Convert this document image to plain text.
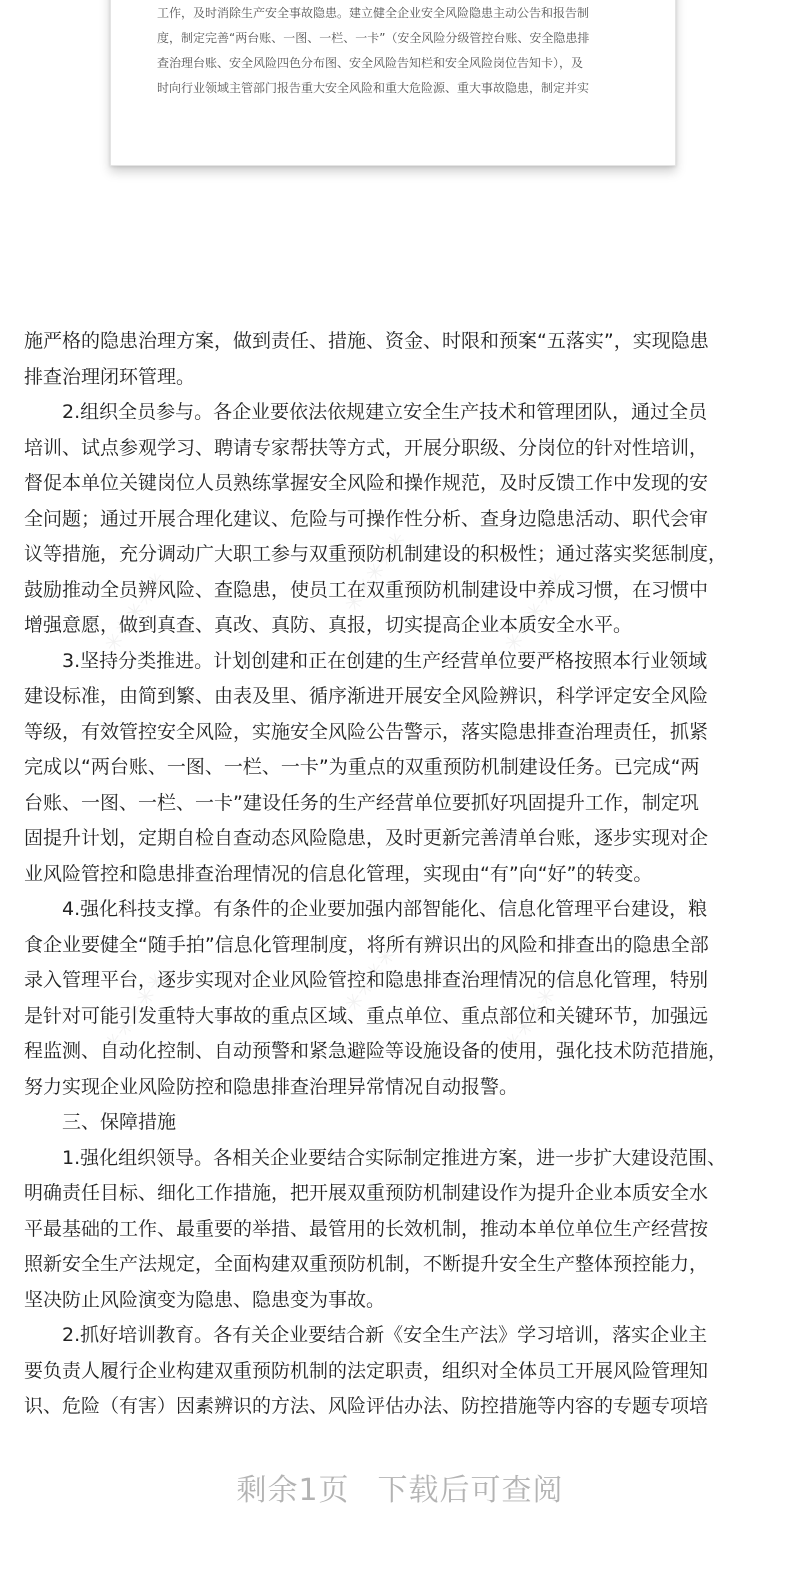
✳✳✳✳✳	✳✳✳✳✳	✳✳✳✳✳
✳✳✳✳✳	✳✳✳✳✳	✳✳✳✳✳
工作，及时消除生产安全事故隐患。建立健全企业安全风险隐患主动公告和报告制
度，制定完善“两台账、一图、一栏、一卡”（安全风险分级管控台账、安全隐患排
查治理台账、安全风险四色分布图、安全风险告知栏和安全风险岗位告知卡），及
时向行业领域主管部门报告重大安全风险和重大危险源、重大事故隐患，制定并实
施严格的隐患治理方案，做到责任、措施、资金、时限和预案“五落实”，实现隐患
排查治理闭环管理。
2.组织全员参与。各企业要依法依规建立安全生产技术和管理团队，通过全员
培训、试点参观学习、聘请专家帮扶等方式，开展分职级、分岗位的针对性培训，
督促本单位关键岗位人员熟练掌握安全风险和操作规范，及时反馈工作中发现的安
全问题；通过开展合理化建议、危险与可操作性分析、查身边隐患活动、职代会审
议等措施，充分调动广大职工参与双重预防机制建设的积极性；通过落实奖惩制度，
鼓励推动全员辨风险、查隐患，使员工在双重预防机制建设中养成习惯，在习惯中
增强意愿，做到真查、真改、真防、真报，切实提高企业本质安全水平。
3.坚持分类推进。计划创建和正在创建的生产经营单位要严格按照本行业领域
建设标准，由简到繁、由表及里、循序渐进开展安全风险辨识，科学评定安全风险
等级，有效管控安全风险，实施安全风险公告警示，落实隐患排查治理责任，抓紧
完成以“两台账、一图、一栏、一卡”为重点的双重预防机制建设任务。已完成“两
台账、一图、一栏、一卡”建设任务的生产经营单位要抓好巩固提升工作，制定巩
固提升计划，定期自检自查动态风险隐患，及时更新完善清单台账，逐步实现对企
业风险管控和隐患排查治理情况的信息化管理，实现由“有”向“好”的转变。
4.强化科技支撑。有条件的企业要加强内部智能化、信息化管理平台建设，粮
食企业要健全“随手拍”信息化管理制度，将所有辨识出的风险和排查出的隐患全部
录入管理平台，逐步实现对企业风险管控和隐患排查治理情况的信息化管理，特别
是针对可能引发重特大事故的重点区域、重点单位、重点部位和关键环节，加强远
程监测、自动化控制、自动预警和紧急避险等设施设备的使用，强化技术防范措施，
努力实现企业风险防控和隐患排查治理异常情况自动报警。
三、保障措施
1.强化组织领导。各相关企业要结合实际制定推进方案，进一步扩大建设范围、
明确责任目标、细化工作措施，把开展双重预防机制建设作为提升企业本质安全水
平最基础的工作、最重要的举措、最管用的长效机制，推动本单位单位生产经营按
照新安全生产法规定，全面构建双重预防机制，不断提升安全生产整体预控能力，
坚决防止风险演变为隐患、隐患变为事故。
2.抓好培训教育。各有关企业要结合新《安全生产法》学习培训，落实企业主
要负责人履行企业构建双重预防机制的法定职责，组织对全体员工开展风险管理知
识、危险（有害）因素辨识的方法、风险评估办法、防控措施等内容的专题专项培
剩余1页 下载后可查阅
